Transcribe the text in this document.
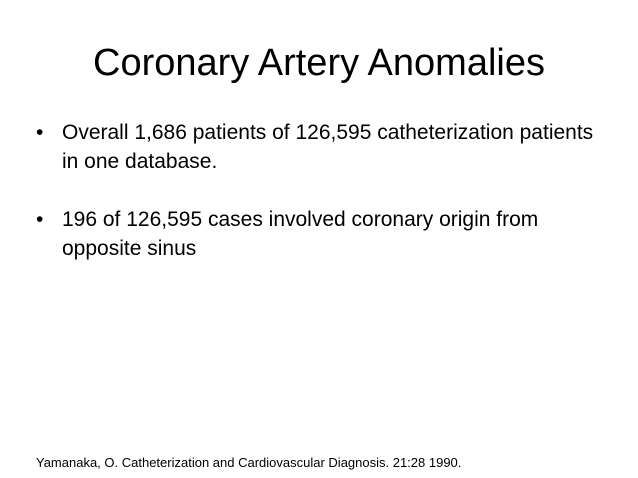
Coronary Artery Anomalies
• Overall 1,686 patients of 126,595 catheterization patients in one database.
• 196 of 126,595 cases involved coronary origin from opposite sinus
Yamanaka, O. Catheterization and Cardiovascular Diagnosis. 21:28 1990.
